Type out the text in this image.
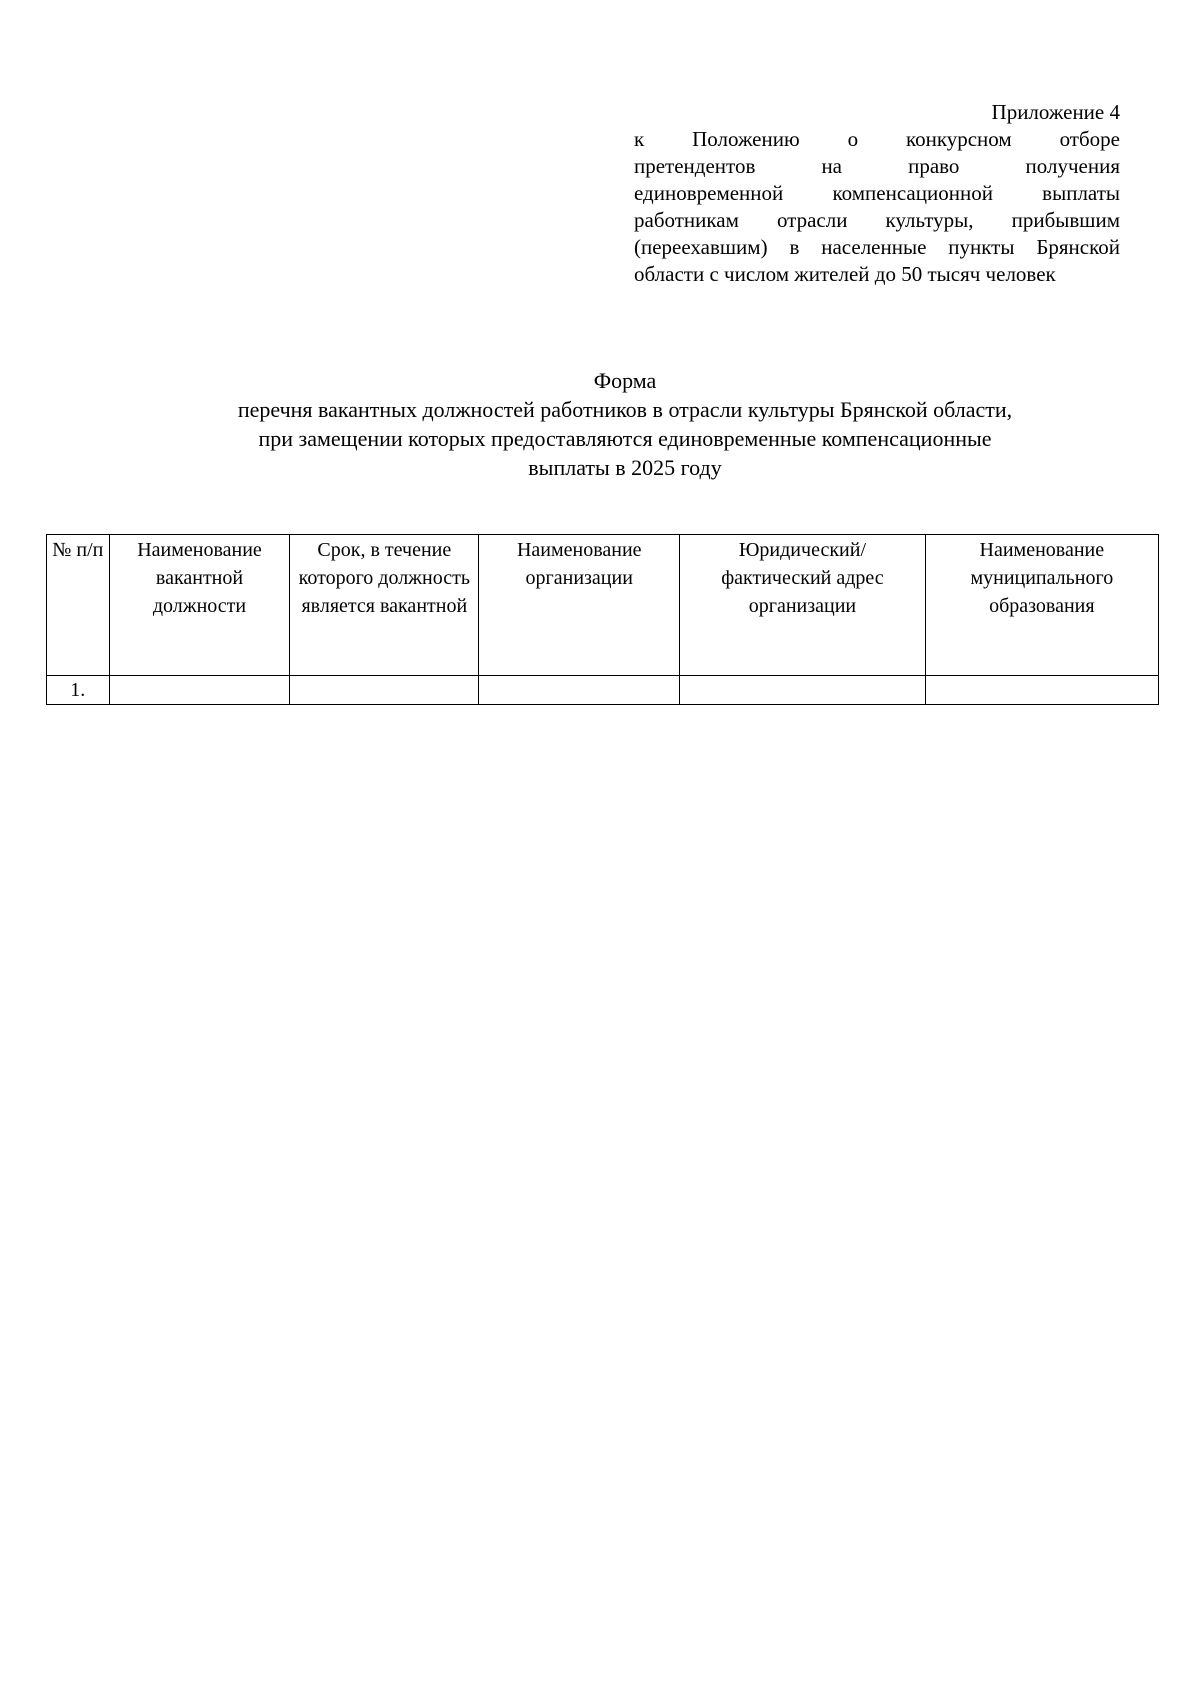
Приложение 4
к Положению о конкурсном отборе
претендентов на право получения
единовременной компенсационной выплаты
работникам отрасли культуры, прибывшим
(переехавшим) в населенные пункты Брянской
области с числом жителей до 50 тысяч человек
Форма
перечня вакантных должностей работников в отрасли культуры Брянской области,
при замещении которых предоставляются единовременные компенсационные
выплаты в 2025 году
№ п/п	Наименование вакантной должности	Срок, в течение которого должность является вакантной	Наименование организации	Юридический/фактический адрес организации	Наименование муниципального образования
1.					
